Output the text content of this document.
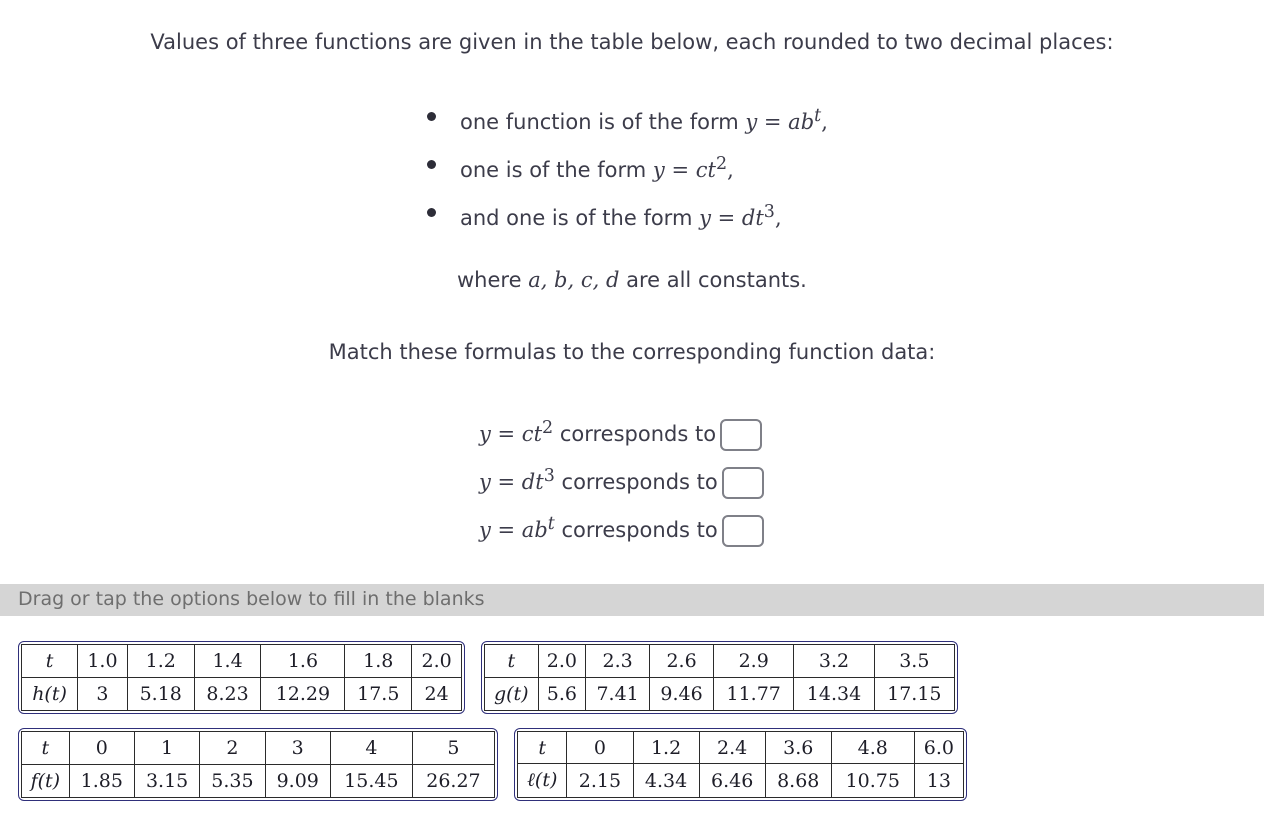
Values of three functions are given in the table below, each rounded to two decimal places:
one function is of the form $y = ab^t$,
one is of the form $y = ct^2$,
and one is of the form $y = dt^3$,
where a, b, c, d are all constants.
Match these formulas to the corresponding function data:
$y = ct^2$ corresponds to
$y = dt^3$ corresponds to
$y = ab^t$ corresponds to
Drag or tap the options below to fill in the blanks
t	1.0	1.2	1.4	1.6	1.8	2.0
h(t)	3	5.18	8.23	12.29	17.5	24
t	2.0	2.3	2.6	2.9	3.2	3.5
g(t)	5.6	7.41	9.46	11.77	14.34	17.15
t	0	1	2	3	4	5
f(t)	1.85	3.15	5.35	9.09	15.45	26.27
t	0	1.2	2.4	3.6	4.8	6.0
ℓ(t)	2.15	4.34	6.46	8.68	10.75	13
